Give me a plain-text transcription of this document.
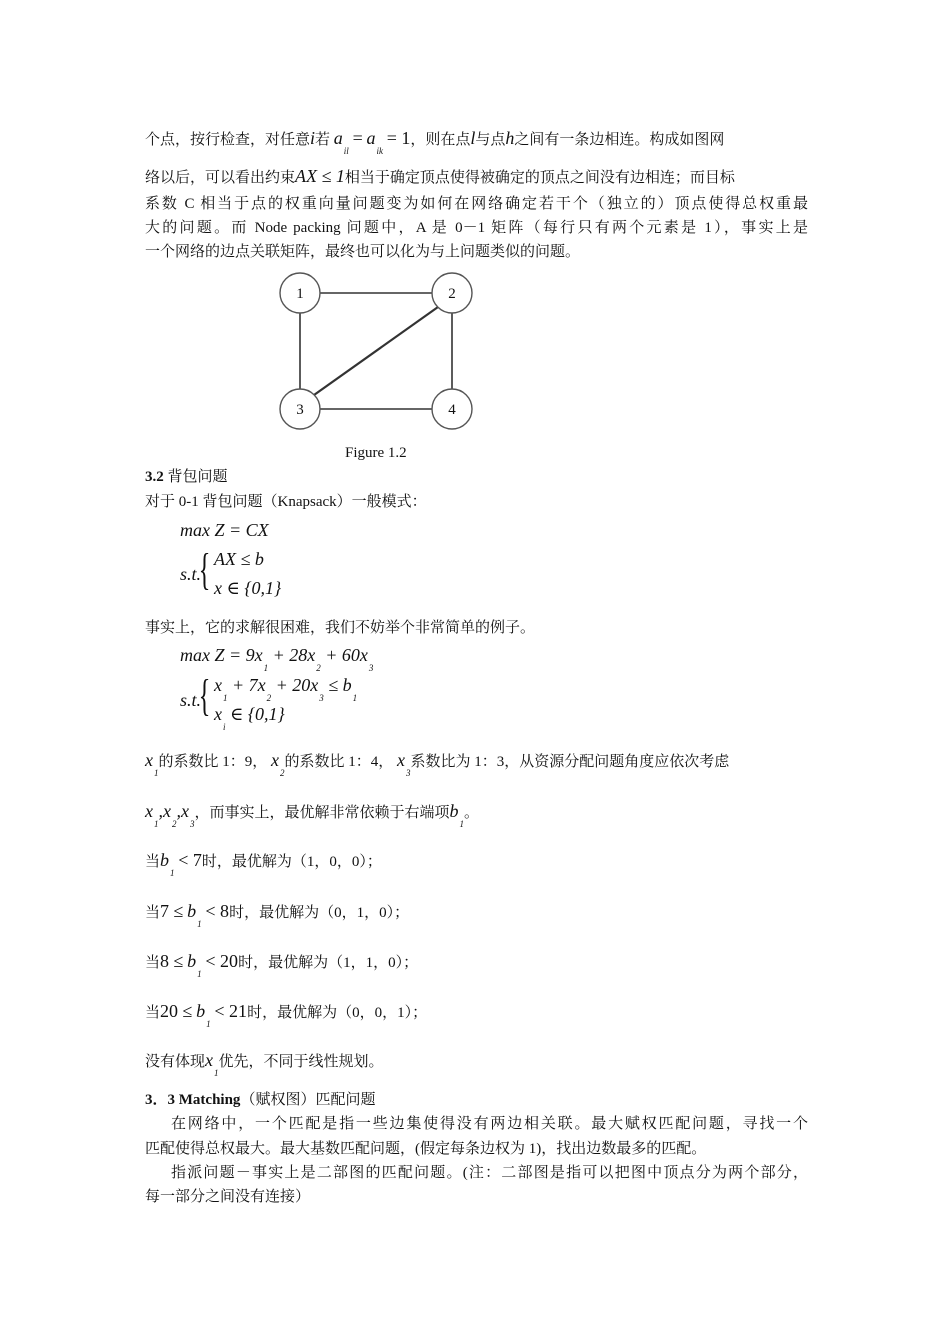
个点，按行检查，对任意i若 $a_{il} = a_{ik} = 1$，则在点l与点h之间有一条边相连。构成如图网
络以后，可以看出约束AX ≤ 1相当于确定顶点使得被确定的顶点之间没有边相连；而目标
系数 C 相当于点的权重向量问题变为如何在网络确定若干个（独立的）顶点使得总权重最
大的问题。而 Node packing 问题中，A 是 0－1 矩阵（每行只有两个元素是 1），事实上是
一个网络的边点关联矩阵，最终也可以化为与上问题类似的问题。
1	2
3	4
Figure 1.2
3.2 背包问题
对于 0-1 背包问题（Knapsack）一般模式：
max Z = CX
s.t.
{ AX ≤ b
x ∈ {0,1}
事实上，它的求解很困难，我们不妨举个非常简单的例子。
$\max Z = 9x_1 + 28x_2 + 60x_3$
s.t.
{ $x_1 + 7x_2 + 20x_3 \le b_1$
$x_i$ ∈ {0,1}
$x_1$的系数比 1：9， $x_2$的系数比 1：4， $x_3$系数比为 1：3，从资源分配问题角度应依次考虑
$x_1,x_2,x_3$，而事实上，最优解非常依赖于右端项$b_1$。
当$b_1 < 7$时，最优解为（1，0，0）；
当$7 \le b_1 < 8$时，最优解为（0，1，0）；
当$8 \le b_1 < 20$时，最优解为（1，1，0）；
当$20 \le b_1 < 21$时，最优解为（0，0，1）；
没有体现$x_1$优先，不同于线性规划。
3．3 Matching（赋权图）匹配问题
在网络中，一个匹配是指一些边集使得没有两边相关联。最大赋权匹配问题，寻找一个
匹配使得总权最大。最大基数匹配问题，(假定每条边权为 1)，找出边数最多的匹配。
指派问题－事实上是二部图的匹配问题。(注：二部图是指可以把图中顶点分为两个部分，
每一部分之间没有连接）
